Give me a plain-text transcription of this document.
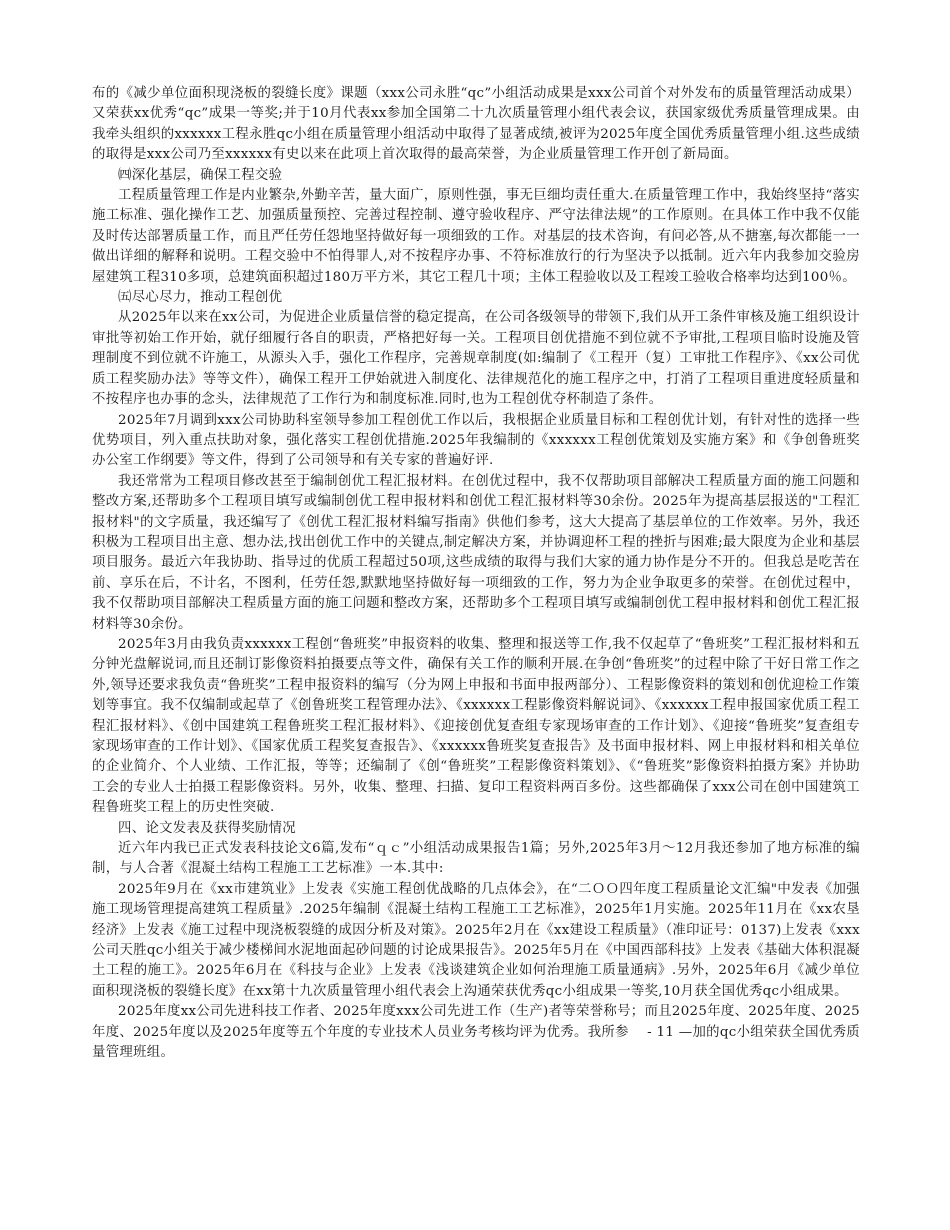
布的《减少单位面积现浇板的裂缝长度》课题（xxx公司永胜“qc”小组活动成果是xxx公司首个对外发布的质量管理活动成果）又荣获xx优秀“qc”成果一等奖;并于10月代表xx参加全国第二十九次质量管理小组代表会议，获国家级优秀质量管理成果。由我牵头组织的xxxxxx工程永胜qc小组在质量管理小组活动中取得了显著成绩,被评为2025年度全国优秀质量管理小组.这些成绩的取得是xxx公司乃至xxxxxx有史以来在此项上首次取得的最高荣誉，为企业质量管理工作开创了新局面。

㈣深化基层，确保工程交验

工程质量管理工作是内业繁杂,外勤辛苦，量大面广，原则性强，事无巨细均责任重大.在质量管理工作中，我始终坚持“落实施工标准、强化操作工艺、加强质量预控、完善过程控制、遵守验收程序、严守法律法规”的工作原则。在具体工作中我不仅能及时传达部署质量工作，而且严任劳任怨地坚持做好每一项细致的工作。对基层的技术咨询，有问必答,从不搪塞,每次都能一一做出详细的解释和说明。工程交验中不怕得罪人,对不按程序办事、不符标准放行的行为坚决予以抵制。近六年内我参加交验房屋建筑工程310多项，总建筑面积超过180万平方米，其它工程几十项；主体工程验收以及工程竣工验收合格率均达到100％。

㈤尽心尽力，推动工程创优

从2025年以来在xx公司，为促进企业质量信誉的稳定提高，在公司各级领导的带领下,我们从开工条件审核及施工组织设计审批等初始工作开始，就仔细履行各自的职责，严格把好每一关。工程项目创优措施不到位就不予审批,工程项目临时设施及管理制度不到位就不许施工，从源头入手，强化工作程序，完善规章制度(如:编制了《工程开（复）工审批工作程序》、《xx公司优质工程奖励办法》等等文件），确保工程开工伊始就进入制度化、法律规范化的施工程序之中，打消了工程项目重进度轻质量和不按程序也办事的念头，法律规范了工作行为和制度标准.同时,也为工程创优夺杯制造了条件。

2025年7月调到xxx公司协助科室领导参加工程创优工作以后，我根据企业质量目标和工程创优计划，有针对性的选择一些优势项目，列入重点扶助对象，强化落实工程创优措施.2025年我编制的《xxxxxx工程创优策划及实施方案》和《争创鲁班奖办公室工作纲要》等文件，得到了公司领导和有关专家的普遍好评.

我还常常为工程项目修改甚至于编制创优工程汇报材料。在创优过程中，我不仅帮助项目部解决工程质量方面的施工问题和整改方案,还帮助多个工程项目填写或编制创优工程申报材料和创优工程汇报材料等30余份。2025年为提高基层报送的"工程汇报材料"的文字质量，我还编写了《创优工程汇报材料编写指南》供他们参考，这大大提高了基层单位的工作效率。另外，我还积极为工程项目出主意、想办法,找出创优工作中的关键点,制定解决方案，并协调迎杯工程的挫折与困难;最大限度为企业和基层项目服务。最近六年我协助、指导过的优质工程超过50项,这些成绩的取得与我们大家的通力协作是分不开的。但我总是吃苦在前、享乐在后，不计名，不图利，任劳任怨,默默地坚持做好每一项细致的工作，努力为企业争取更多的荣誉。在创优过程中，我不仅帮助项目部解决工程质量方面的施工问题和整改方案，还帮助多个工程项目填写或编制创优工程申报材料和创优工程汇报材料等30余份。

2025年3月由我负责xxxxxx工程创“鲁班奖”申报资料的收集、整理和报送等工作,我不仅起草了“鲁班奖”工程汇报材料和五分钟光盘解说词,而且还制订影像资料拍摄要点等文件，确保有关工作的顺利开展.在争创“鲁班奖”的过程中除了干好日常工作之外,领导还要求我负责“鲁班奖”工程申报资料的编写（分为网上申报和书面申报两部分）、工程影像资料的策划和创优迎检工作策划等事宜。我不仅编制或起草了《创鲁班奖工程管理办法》、《xxxxxx工程影像资料解说词》、《xxxxxx工程申报国家优质工程工程汇报材料》、《创中国建筑工程鲁班奖工程汇报材料》、《迎接创优复查组专家现场审查的工作计划》、《迎接“鲁班奖”复查组专家现场审查的工作计划》、《国家优质工程奖复查报告》、《xxxxxx鲁班奖复查报告》及书面申报材料、网上申报材料和相关单位的企业简介、个人业绩、工作汇报，等等；还编制了《创“鲁班奖”工程影像资料策划》、《“鲁班奖”影像资料拍摄方案》并协助工会的专业人士拍摄工程影像资料。另外，收集、整理、扫描、复印工程资料两百多份。这些都确保了xxx公司在创中国建筑工程鲁班奖工程上的历史性突破.

四、论文发表及获得奖励情况

近六年内我已正式发表科技论文6篇,发布“ｑｃ”小组活动成果报告1篇；另外,2025年3月～12月我还参加了地方标准的编制，与人合著《混凝土结构工程施工工艺标准》一本.其中:

2025年9月在《xx市建筑业》上发表《实施工程创优战略的几点体会》，在“二ＯＯ四年度工程质量论文汇编"中发表《加强施工现场管理提高建筑工程质量》.2025年编制《混凝土结构工程施工工艺标准》，2025年1月实施。2025年11月在《xx农垦经济》上发表《施工过程中现浇板裂缝的成因分析及对策》。2025年2月在《xx建设工程质量》（准印证号：0137)上发表《xxx公司天胜qc小组关于减少楼梯间水泥地面起砂问题的讨论成果报告》。2025年5月在《中国西部科技》上发表《基础大体积混凝土工程的施工》。2025年6月在《科技与企业》上发表《浅谈建筑企业如何治理施工质量通病》.另外，2025年6月《减少单位面积现浇板的裂缝长度》在xx第十九次质量管理小组代表会上沟通荣获优秀qc小组成果一等奖,10月获全国优秀qc小组成果。

2025年度xx公司先进科技工作者、2025年度xxx公司先进工作（生产)者等荣誉称号；而且2025年度、2025年度、2025年度、2025年度以及2025年度等五个年度的专业技术人员业务考核均评为优秀。我所参　 - 11 —加的qc小组荣获全国优秀质量管理班组。
